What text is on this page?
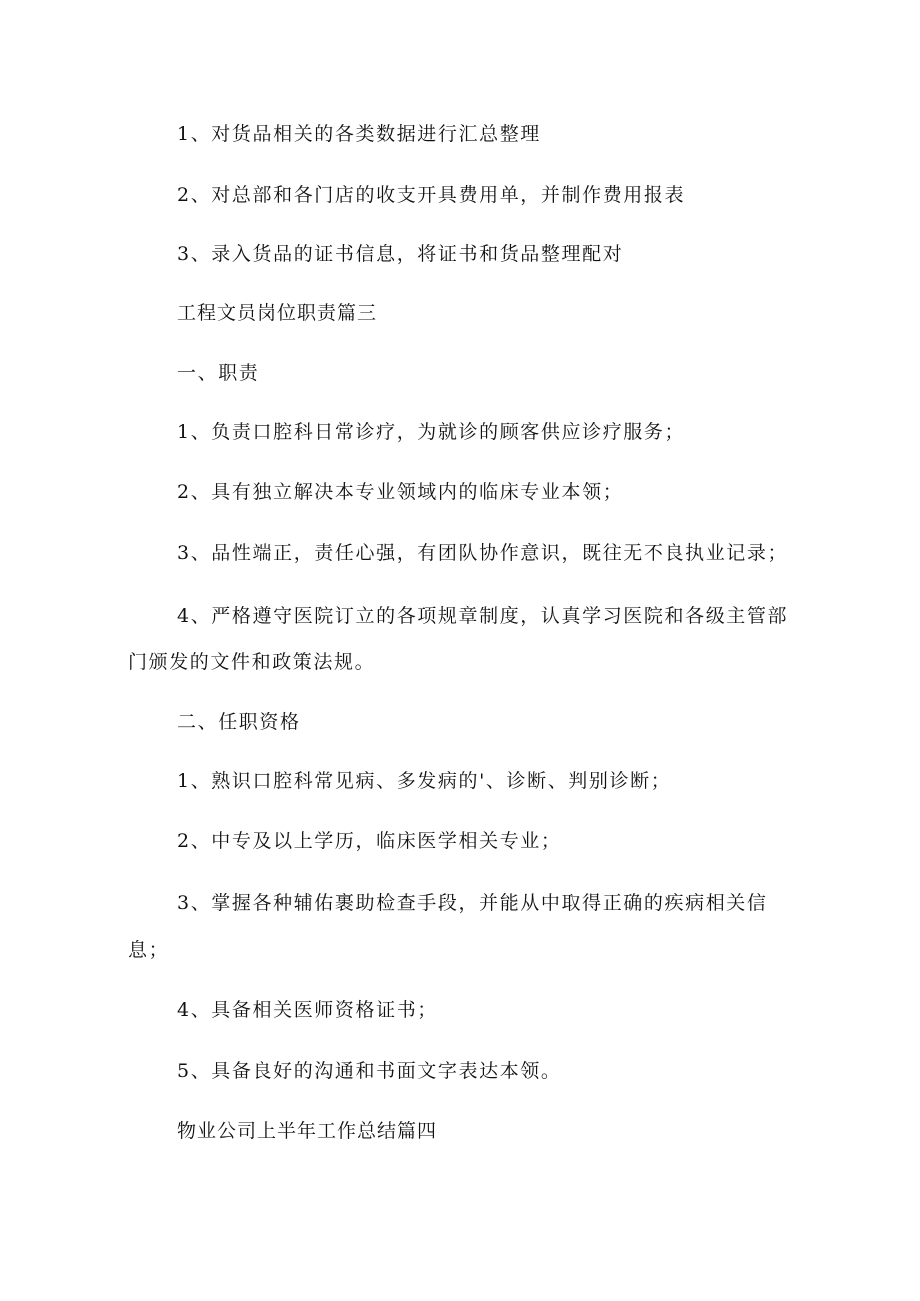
1、对货品相关的各类数据进行汇总整理
2、对总部和各门店的收支开具费用单，并制作费用报表
3、录入货品的证书信息，将证书和货品整理配对
工程文员岗位职责篇三
一、职责
1、负责口腔科日常诊疗，为就诊的顾客供应诊疗服务；
2、具有独立解决本专业领域内的临床专业本领；
3、品性端正，责任心强，有团队协作意识，既往无不良执业记录；
4、严格遵守医院订立的各项规章制度，认真学习医院和各级主管部
门颁发的文件和政策法规。
二、任职资格
1、熟识口腔科常见病、多发病的'、诊断、判别诊断；
2、中专及以上学历，临床医学相关专业；
3、掌握各种辅佑裹助检查手段，并能从中取得正确的疾病相关信
息；
4、具备相关医师资格证书；
5、具备良好的沟通和书面文字表达本领。
物业公司上半年工作总结篇四
